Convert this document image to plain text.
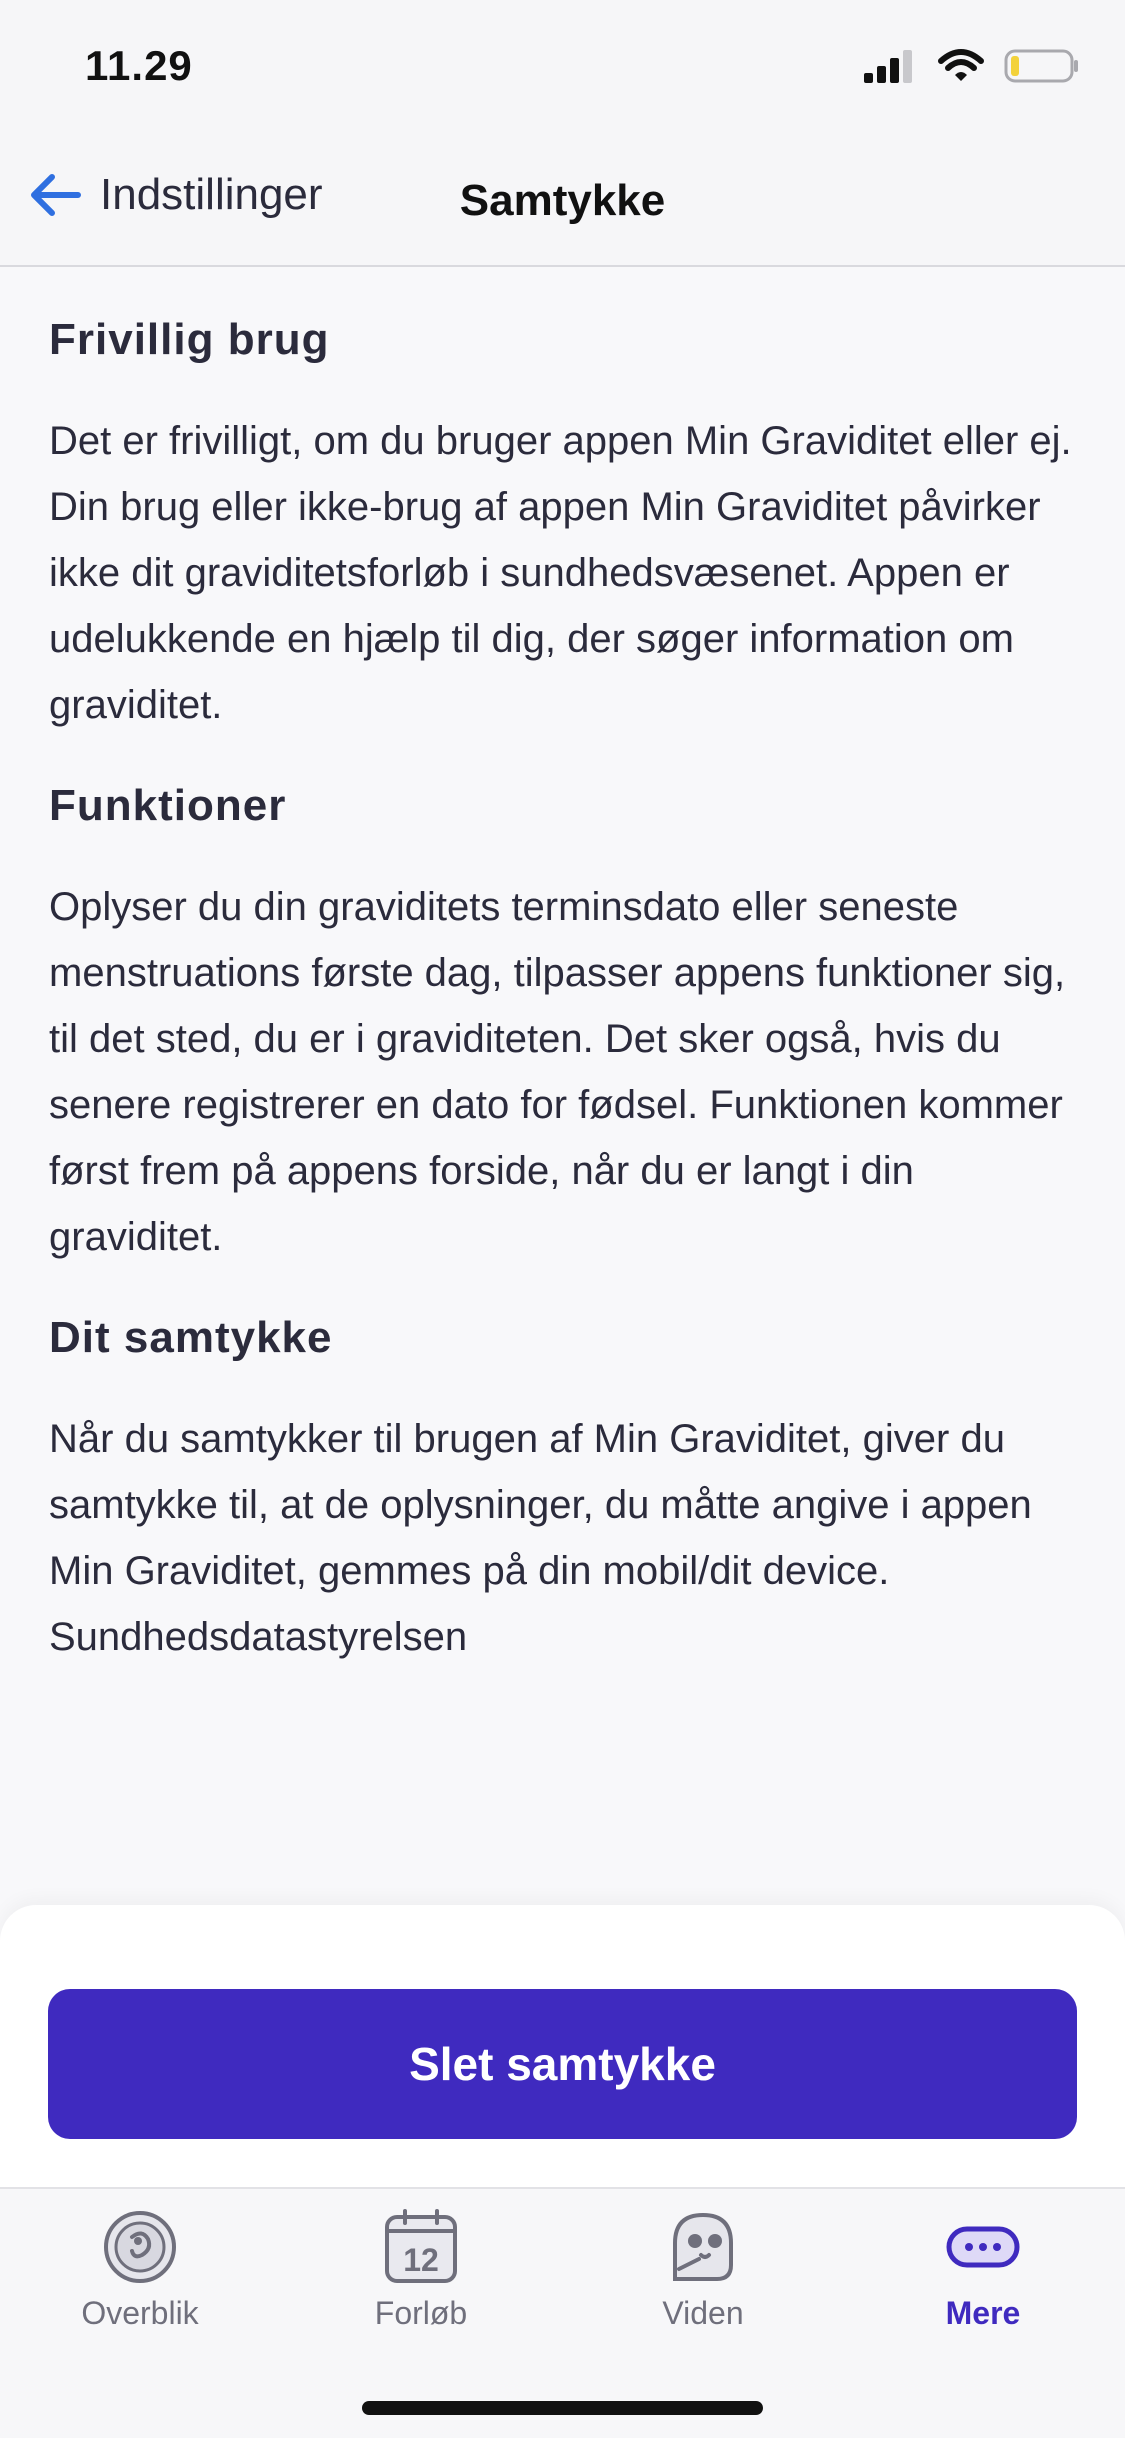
11.29
Indstillinger	Samtykke

Frivillig brug

Det er frivilligt, om du bruger appen Min Graviditet eller ej. Din brug eller ikke-brug af appen Min Graviditet påvirker ikke dit graviditetsforløb i sundhedsvæsenet. Appen er udelukkende en hjælp til dig, der søger information om graviditet.

Funktioner

Oplyser du din graviditets terminsdato eller seneste menstruations første dag, tilpasser appens funktioner sig, til det sted, du er i graviditeten. Det sker også, hvis du senere registrerer en dato for fødsel. Funktionen kommer først frem på appens forside, når du er langt i din graviditet.

Dit samtykke

Når du samtykker til brugen af Min Graviditet, giver du samtykke til, at de oplysninger, du måtte angive i appen Min Graviditet, gemmes på din mobil/dit device. Sundhedsdatastyrelsen

Slet samtykke
Overblik
12
Forløb	Viden	Mere
